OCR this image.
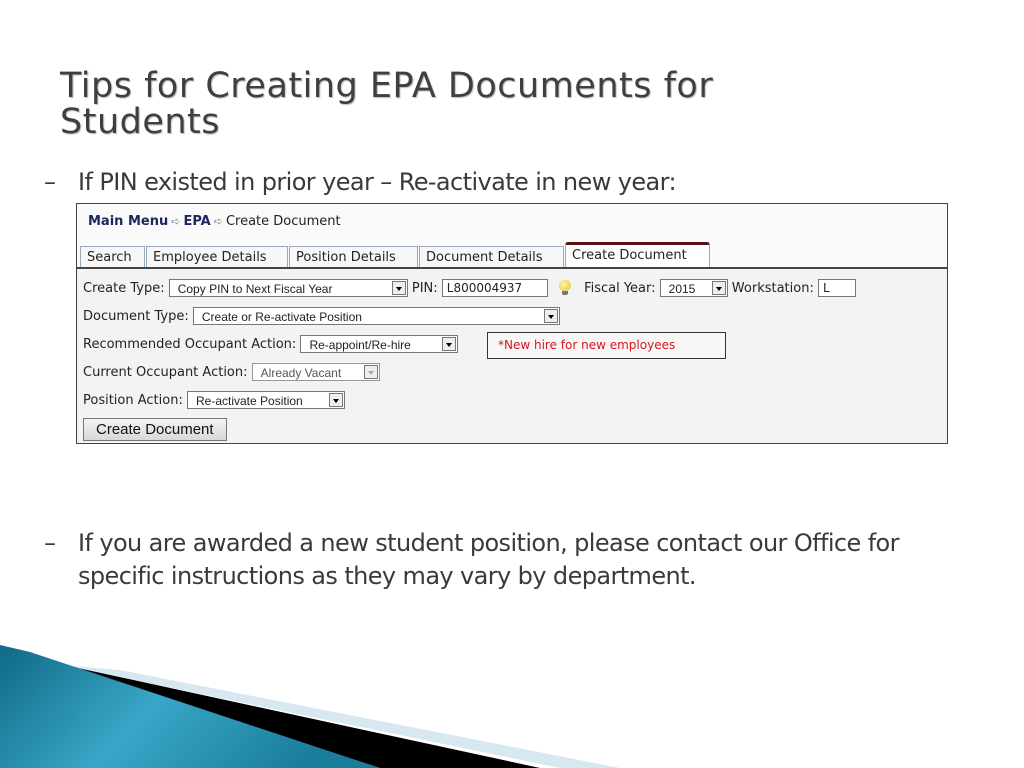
Tips for Creating EPA Documents for Students
– If PIN existed in prior year – Re-activate in new year:
Main Menu ➪ EPA ➪ Create Document
Search	Employee Details	Position Details	Document Details	Create Document
Create Type: Copy PIN to Next Fiscal Year	PIN: L800004937	Fiscal Year: 2015	Workstation: L
Document Type: Create or Re-activate Position
Recommended Occupant Action: Re-appoint/Re-hire	*New hire for new employees
Current Occupant Action: Already Vacant
Position Action: Re-activate Position
Create Document
– If you are awarded a new student position, please contact our Office for specific instructions as they may vary by department.
